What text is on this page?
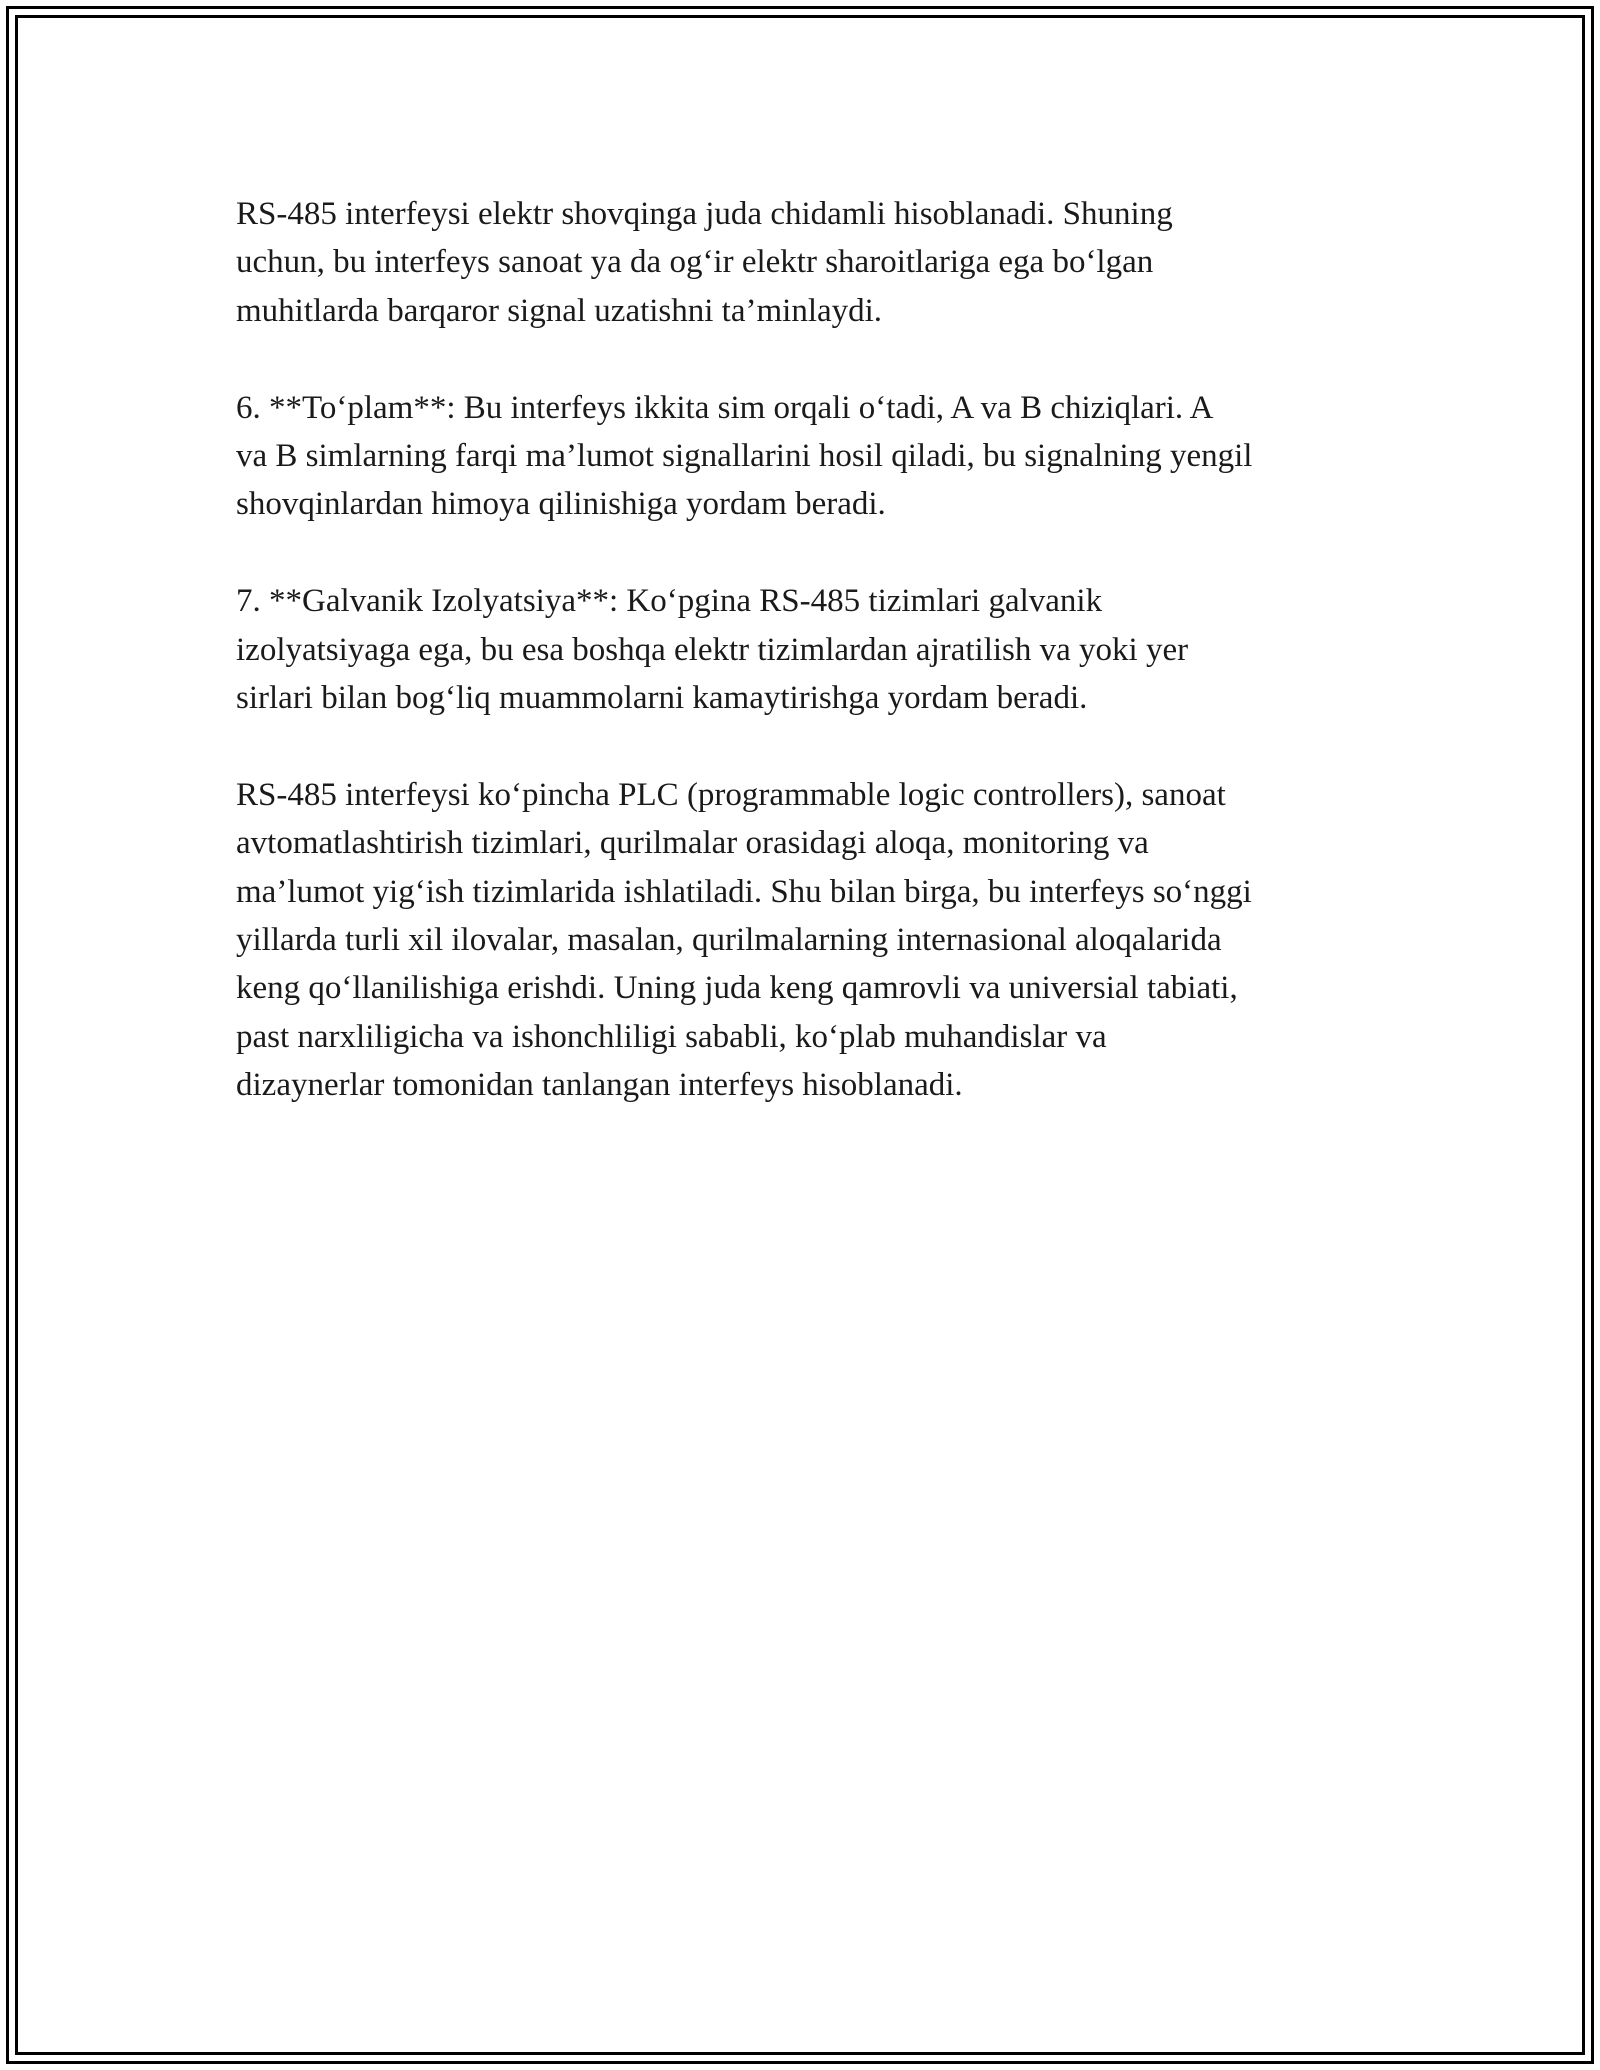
RS-485 interfeysi elektr shovqinga juda chidamli hisoblanadi. Shuning
uchun, bu interfeys sanoat ya da og‘ir elektr sharoitlariga ega bo‘lgan
muhitlarda barqaror signal uzatishni ta’minlaydi.

6. **To‘plam**: Bu interfeys ikkita sim orqali o‘tadi, A va B chiziqlari. A
va B simlarning farqi ma’lumot signallarini hosil qiladi, bu signalning yengil
shovqinlardan himoya qilinishiga yordam beradi.

7. **Galvanik Izolyatsiya**: Ko‘pgina RS-485 tizimlari galvanik
izolyatsiyaga ega, bu esa boshqa elektr tizimlardan ajratilish va yoki yer
sirlari bilan bog‘liq muammolarni kamaytirishga yordam beradi.

RS-485 interfeysi ko‘pincha PLC (programmable logic controllers), sanoat
avtomatlashtirish tizimlari, qurilmalar orasidagi aloqa, monitoring va
ma’lumot yig‘ish tizimlarida ishlatiladi. Shu bilan birga, bu interfeys so‘nggi
yillarda turli xil ilovalar, masalan, qurilmalarning internasional aloqalarida
keng qo‘llanilishiga erishdi. Uning juda keng qamrovli va universial tabiati,
past narxliligicha va ishonchliligi sababli, ko‘plab muhandislar va
dizaynerlar tomonidan tanlangan interfeys hisoblanadi.
